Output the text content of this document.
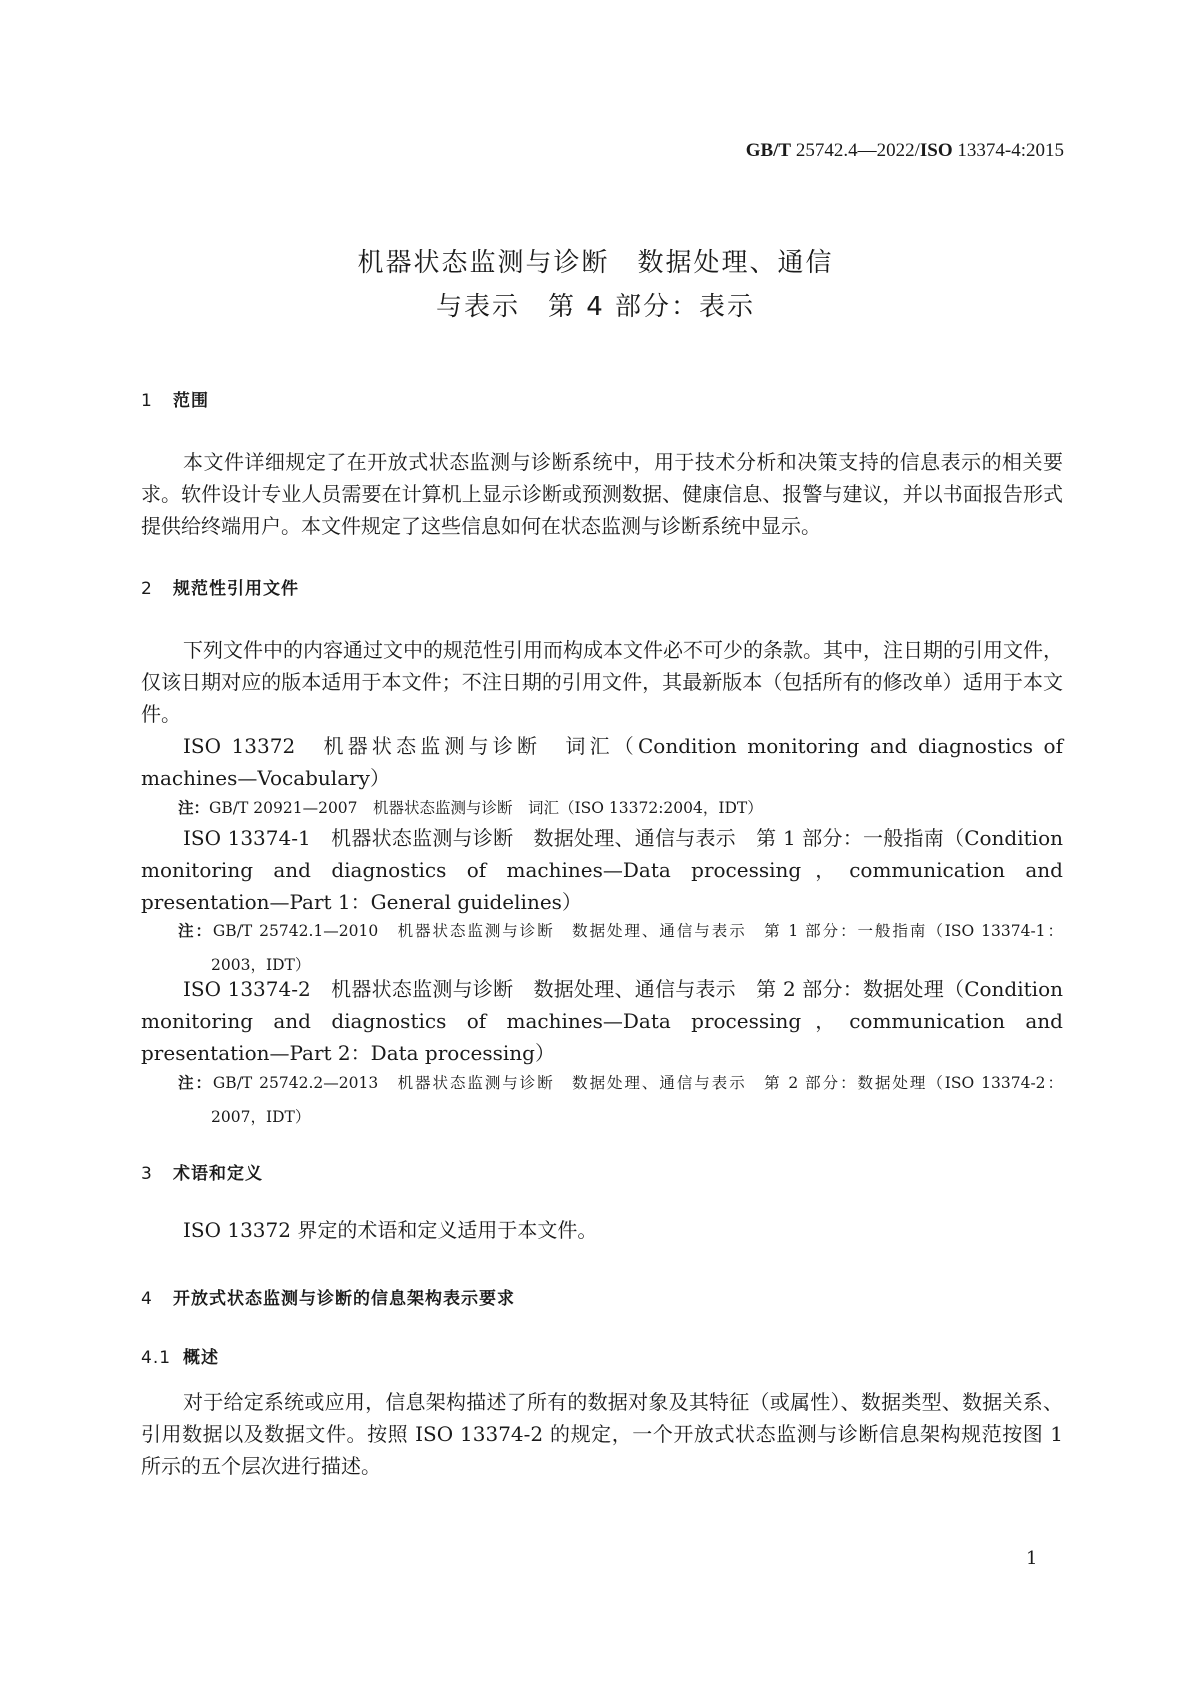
GB/T 25742.4—2022/ISO 13374-4:2015
机器状态监测与诊断　数据处理、通信
与表示　第 4 部分：表示
1 范围
本文件详细规定了在开放式状态监测与诊断系统中，用于技术分析和决策支持的信息表示的相关要求。软件设计专业人员需要在计算机上显示诊断或预测数据、健康信息、报警与建议，并以书面报告形式提供给终端用户。本文件规定了这些信息如何在状态监测与诊断系统中显示。
2 规范性引用文件
下列文件中的内容通过文中的规范性引用而构成本文件必不可少的条款。其中，注日期的引用文件，仅该日期对应的版本适用于本文件；不注日期的引用文件，其最新版本（包括所有的修改单）适用于本文件。
ISO 13372　机器状态监测与诊断　词汇（Condition monitoring and diagnostics of machines—Vocabulary）
注：GB/T 20921—2007　机器状态监测与诊断　词汇（ISO 13372:2004，IDT）
ISO 13374-1　机器状态监测与诊断　数据处理、通信与表示　第 1 部分：一般指南（Condition monitoring and diagnostics of machines—Data processing，communication and presentation—Part 1：General guidelines）
注：GB/T 25742.1—2010　机器状态监测与诊断　数据处理、通信与表示　第 1 部分：一般指南（ISO 13374-1：
2003，IDT）
ISO 13374-2　机器状态监测与诊断　数据处理、通信与表示　第 2 部分：数据处理（Condition monitoring and diagnostics of machines—Data processing，communication and presentation—Part 2：Data processing）
注：GB/T 25742.2—2013　机器状态监测与诊断　数据处理、通信与表示　第 2 部分：数据处理（ISO 13374-2：
2007，IDT）
3 术语和定义
ISO 13372 界定的术语和定义适用于本文件。
4 开放式状态监测与诊断的信息架构表示要求
4.1 概述
对于给定系统或应用，信息架构描述了所有的数据对象及其特征（或属性）、数据类型、数据关系、引用数据以及数据文件。按照 ISO 13374-2 的规定，一个开放式状态监测与诊断信息架构规范按图 1 所示的五个层次进行描述。
1
